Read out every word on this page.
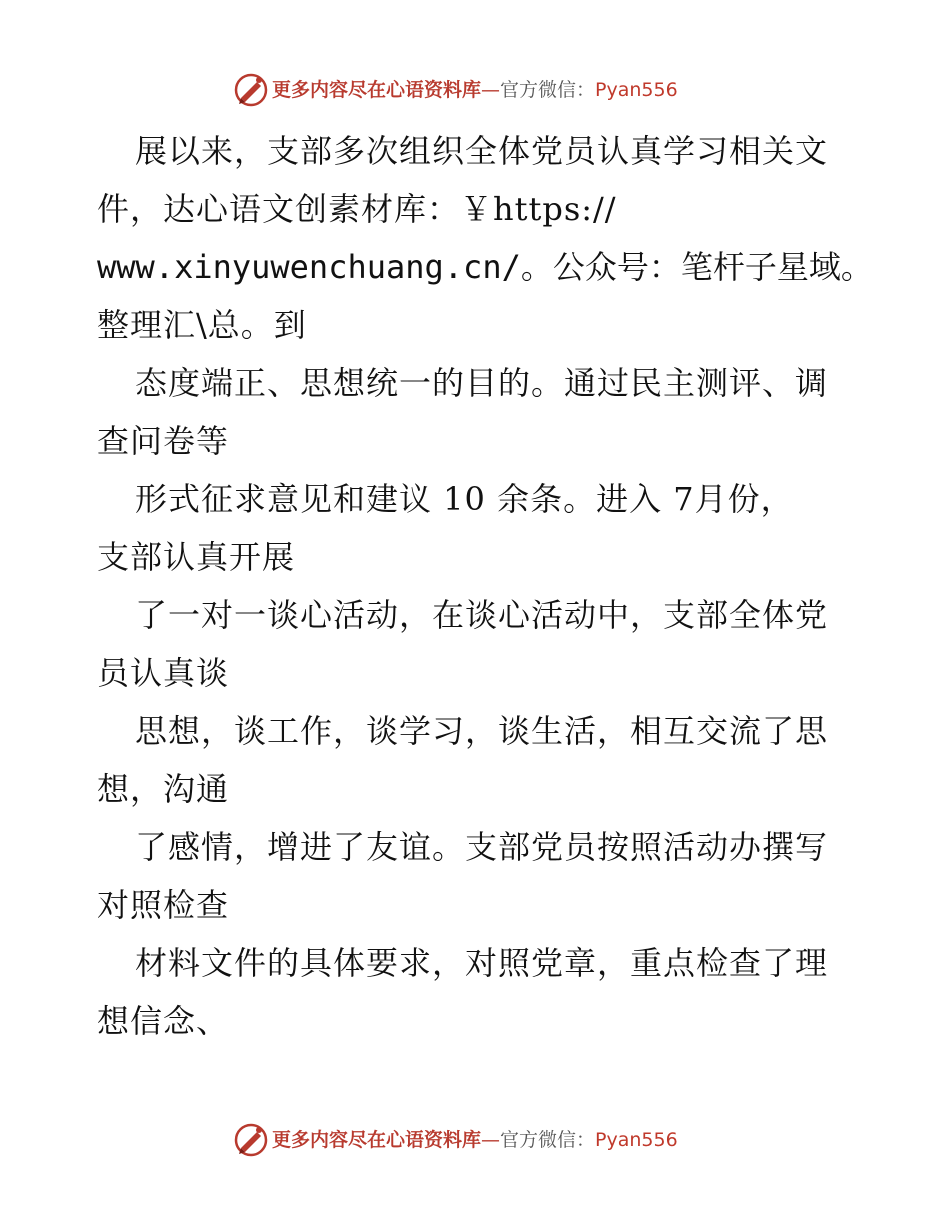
更多内容尽在心语资料库—官方微信：Pyan556
展以来，支部多次组织全体党员认真学习相关文
件，达心语文创素材库：￥https://
www.xinyuwenchuang.cn/。公众号：笔杆子星域。
整理汇\总。到
态度端正、思想统一的目的。通过民主测评、调
查问卷等
形式征求意见和建议 10 余条。进入 7月份，
支部认真开展
了一对一谈心活动，在谈心活动中，支部全体党
员认真谈
思想，谈工作，谈学习，谈生活，相互交流了思
想，沟通
了感情，增进了友谊。支部党员按照活动办撰写
对照检查
材料文件的具体要求，对照党章，重点检查了理
想信念、
更多内容尽在心语资料库—官方微信：Pyan556
